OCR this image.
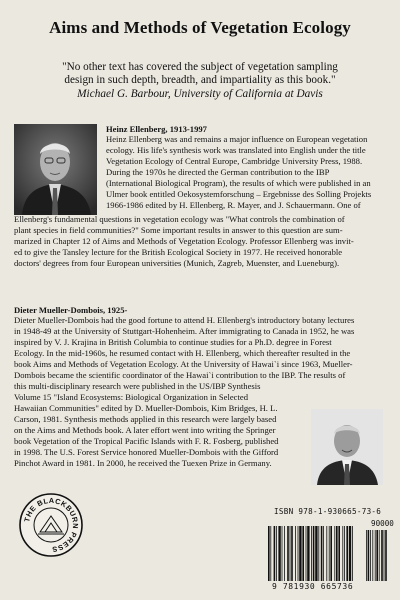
Aims and Methods of Vegetation Ecology
"No other text has covered the subject of vegetation sampling
design in such depth, breadth, and impartiality as this book."
Michael G. Barbour, University of California at Davis
Heinz Ellenberg, 1913-1997
Heinz Ellenberg was and remains a major influence on European vegetation
ecology. His life's synthesis work was translated into English under the title
Vegetation Ecology of Central Europe, Cambridge University Press, 1988.
During the 1970s he directed the German contribution to the IBP
(International Biological Program), the results of which were published in an
Ulmer book entitled Oekosystemforschung – Ergebnisse des Solling Projekts
1966-1986 edited by H. Ellenberg, R. Mayer, and J. Schauermann. One of
Ellenberg's fundamental questions in vegetation ecology was "What controls the combination of
plant species in field communities?" Some important results in answer to this question are sum-
marized in Chapter 12 of Aims and Methods of Vegetation Ecology. Professor Ellenberg was invit-
ed to give the Tansley lecture for the British Ecological Society in 1977. He received honorable
doctors' degrees from four European universities (Munich, Zagreb, Muenster, and Lueneburg).
Dieter Mueller-Dombois, 1925-
Dieter Mueller-Dombois had the good fortune to attend H. Ellenberg's introductory botany lectures
in 1948-49 at the University of Stuttgart-Hohenheim. After immigrating to Canada in 1952, he was
inspired by V. J. Krajina in British Columbia to continue studies for a Ph.D. degree in Forest
Ecology. In the mid-1960s, he resumed contact with H. Ellenberg, which thereafter resulted in the
book Aims and Methods of Vegetation Ecology. At the University of Hawai`i since 1963, Mueller-
Dombois became the scientific coordinator of the Hawai`i contribution to the IBP. The results of
this multi-disciplinary research were published in the US/IBP Synthesis
Volume 15 "Island Ecosystems: Biological Organization in Selected
Hawaiian Communities" edited by D. Mueller-Dombois, Kim Bridges, H. L.
Carson, 1981. Synthesis methods applied in this research were largely based
on the Aims and Methods book. A later effort went into writing the Springer
book Vegetation of the Tropical Pacific Islands with F. R. Fosberg, published
in 1998. The U.S. Forest Service honored Mueller-Dombois with the Gifford
Pinchot Award in 1981. In 2000, he received the Tuexen Prize in Germany.
THE BLACKBURN PRESS
ISBN 978-1-930665-73-6
90000
9 781930 665736
